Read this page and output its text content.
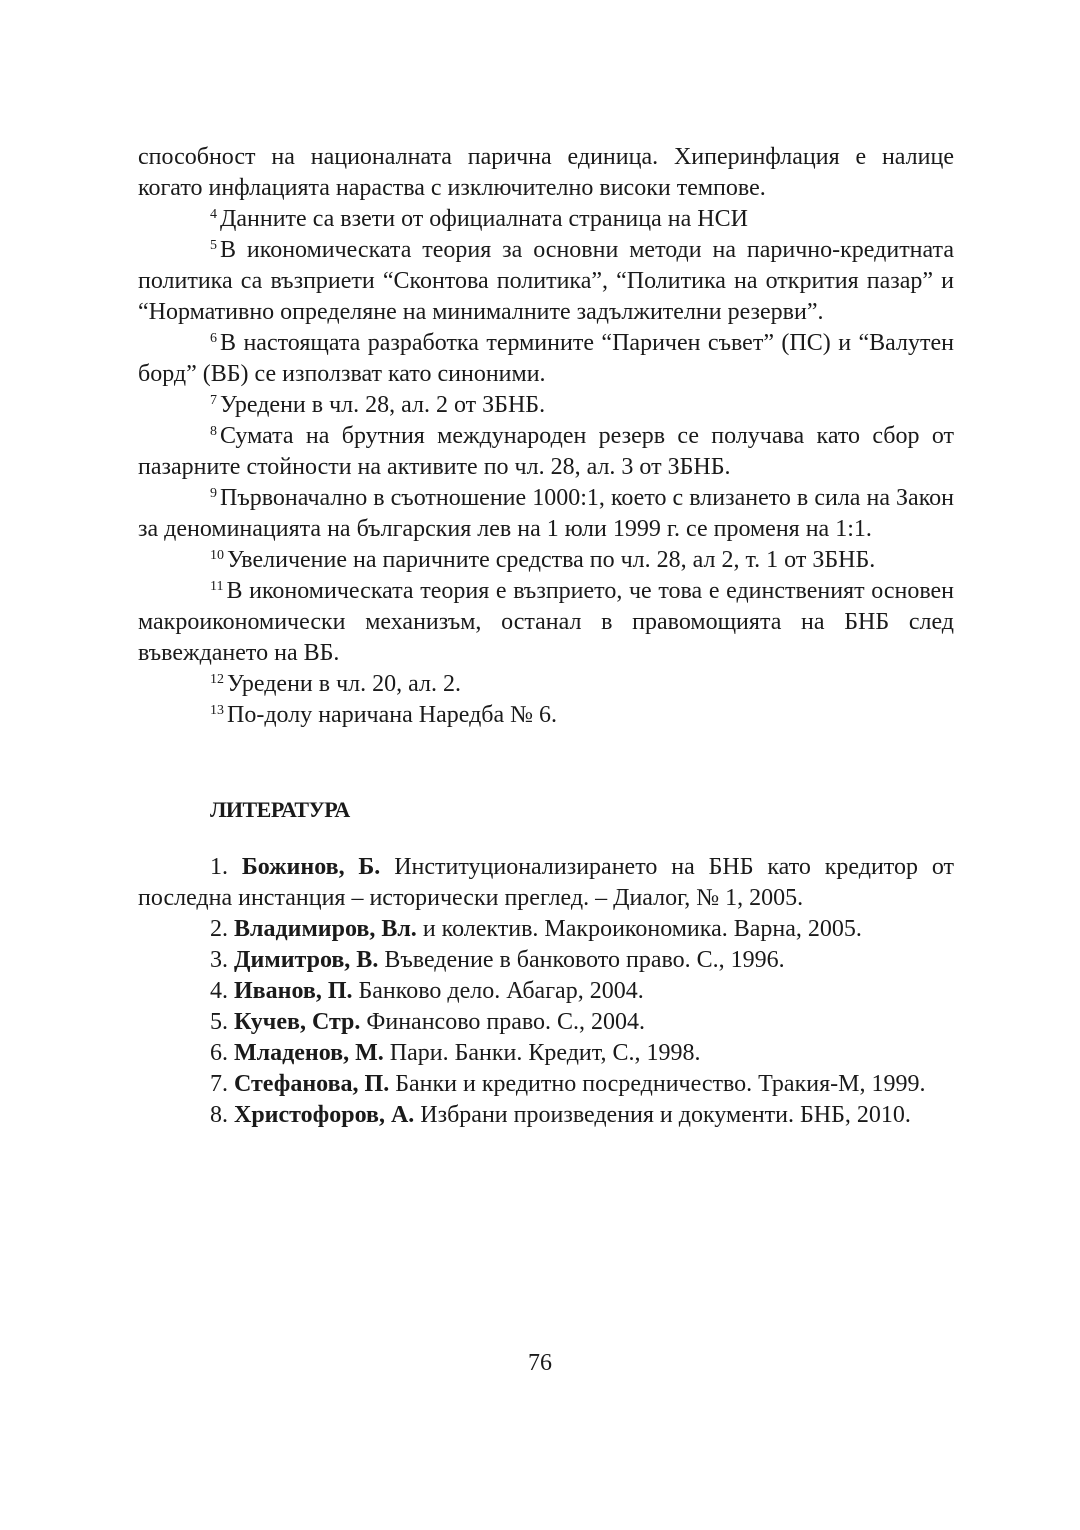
способност на националната парична единица. Хиперинфлация е налице

когато инфлацията нараства с изключително високи темпове.

$^4$ Данните са взети от официалната страница на НСИ

$^5$ В икономическата теория за основни методи на парично-кредитната политика са възприети “Сконтова политика”, “Политика на открития пазар” и “Нормативно определяне на минималните задължителни резерви”.

$^6$ В настоящата разработка термините “Паричен съвет” (ПС) и “Валутен борд” (ВБ) се използват като синоними.

$^7$ Уредени в чл. 28, ал. 2 от ЗБНБ.

$^8$ Сумата на брутния международен резерв се получава като сбор от пазарните стойности на активите по чл. 28, ал. 3 от ЗБНБ.

$^9$ Първоначално в съотношение 1000:1, което с влизането в сила на Закон за деноминацията на българския лев на 1 юли 1999 г. се променя на 1:1.

$^{10}$ Увеличение на паричните средства по чл. 28, ал 2, т. 1 от ЗБНБ.

$^{11}$ В икономическата теория е възприето, че това е единственият основен макроикономически механизъм, останал в правомощията на БНБ след въвеждането на ВБ.

$^{12}$ Уредени в чл. 20, ал. 2.

$^{13}$ По-долу наричана Наредба № 6.

ЛИТЕРАТУРА

1. Божинов, Б. Институционализирането на БНБ като кредитор от последна инстанция – исторически преглед. – Диалог, № 1, 2005.

2. Владимиров, Вл. и колектив. Макроикономика. Варна, 2005.

3. Димитров, В. Въведение в банковото право. С., 1996.

4. Иванов, П. Банково дело. Абагар, 2004.

5. Кучев, Стр. Финансово право. С., 2004.

6. Младенов, М. Пари. Банки. Кредит, С., 1998.

7. Стефанова, П. Банки и кредитно посредничество. Тракия-М, 1999.

8. Христофоров, А. Избрани произведения и документи. БНБ, 2010.

76
